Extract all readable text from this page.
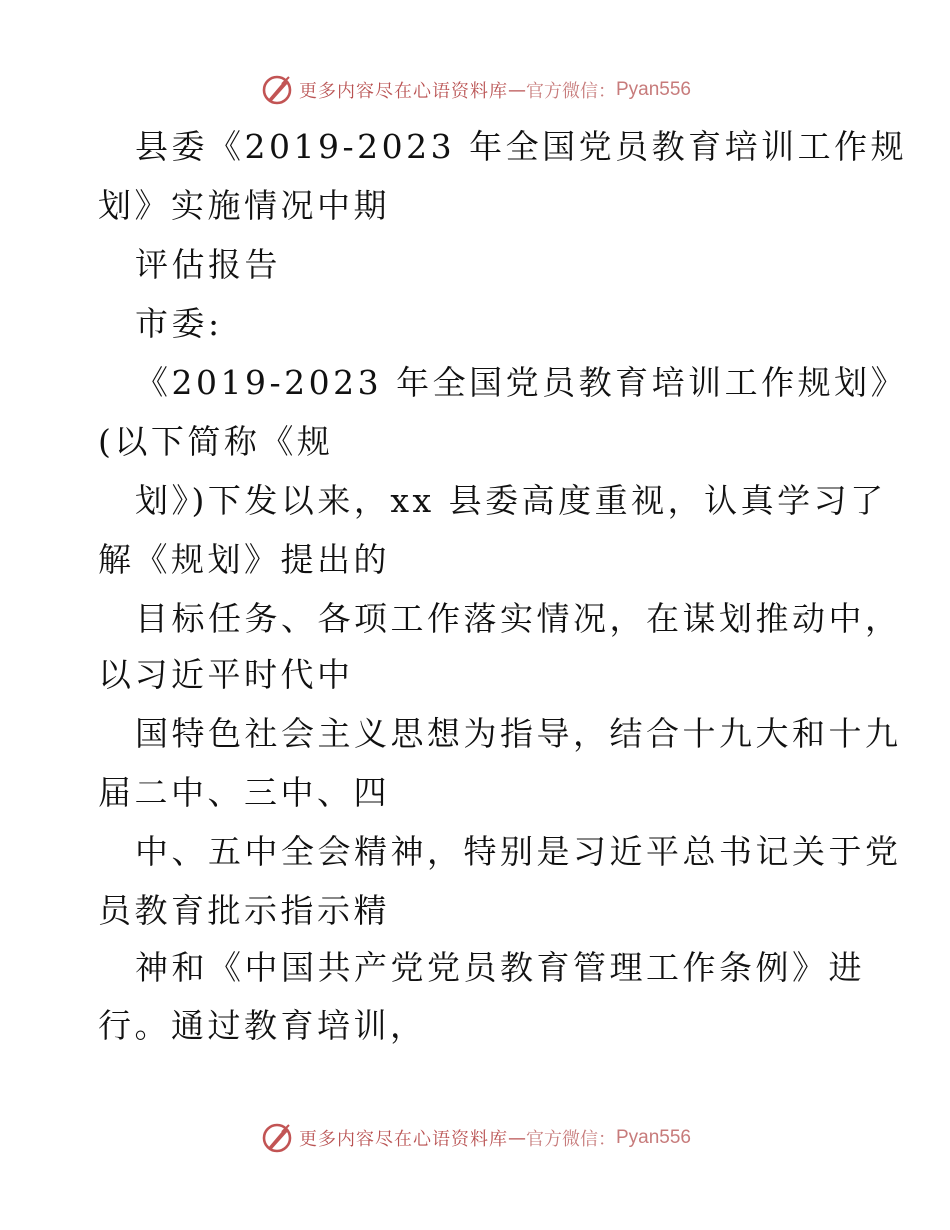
更多内容尽在心语资料库 — 官方微信： Pyan556

县委《2019-2023 年全国党员教育培训工作规

划》实施情况中期

评估报告

市委:

《2019-2023 年全国党员教育培训工作规划》

(以下简称《规

划》)下发以来，xx 县委高度重视，认真学习了

解《规划》提出的

目标任务、各项工作落实情况，在谋划推动中，

以习近平时代中

国特色社会主义思想为指导，结合十九大和十九

届二中、三中、四

中、五中全会精神，特别是习近平总书记关于党

员教育批示指示精

神和《中国共产党党员教育管理工作条例》进

行。通过教育培训，

更多内容尽在心语资料库 — 官方微信： Pyan556
